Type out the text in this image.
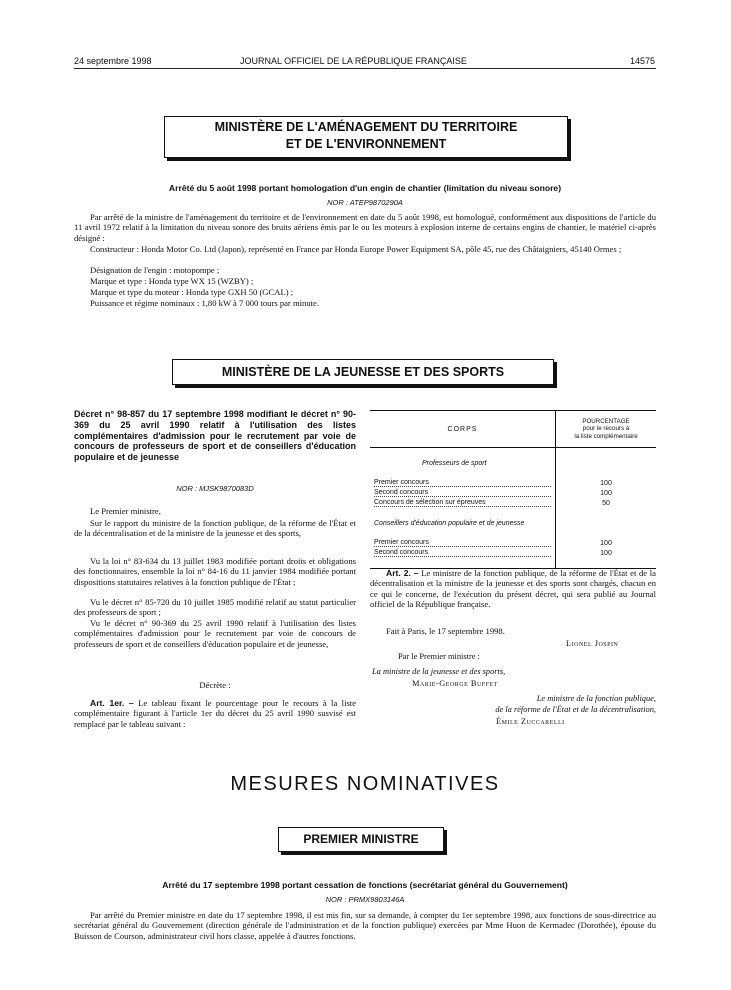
24 septembre 1998	JOURNAL OFFICIEL DE LA RÉPUBLIQUE FRANÇAISE	14575
MINISTÈRE DE L'AMÉNAGEMENT DU TERRITOIRE
ET DE L'ENVIRONNEMENT
Arrêté du 5 août 1998 portant homologation d'un engin de chantier (limitation du niveau sonore)
NOR : ATEP9870290A
Par arrêté de la ministre de l'aménagement du territoire et de l'environnement en date du 5 août 1998, est homologué, conformément aux dispositions de l'article du 11 avril 1972 relatif à la limitation du niveau sonore des bruits aériens émis par le ou les moteurs à explosion interne de certains engins de chantier, le matériel ci-après désigné :
Constructeur : Honda Motor Co. Ltd (Japon), représenté en France par Honda Europe Power Equipment SA, pôle 45, rue des Châtaigniers, 45140 Ormes ;
Désignation de l'engin : motopompe ;
Marque et type : Honda type WX 15 (WZBY) ;
Marque et type du moteur : Honda type GXH 50 (GCAL) ;
Puissance et régime nominaux : 1,80 kW à 7 000 tours par minute.
MINISTÈRE DE LA JEUNESSE ET DES SPORTS
Décret n° 98-857 du 17 septembre 1998 modifiant le décret n° 90-369 du 25 avril 1990 relatif à l'utilisation des listes complémentaires d'admission pour le recrutement par voie de concours de professeurs de sport et de conseillers d'éducation populaire et de jeunesse
NOR : MJSK9870083D
Le Premier ministre,
Sur le rapport du ministre de la fonction publique, de la réforme de l'État et de la décentralisation et de la ministre de la jeunesse et des sports,
Vu la loi n° 83-634 du 13 juillet 1983 modifiée portant droits et obligations des fonctionnaires, ensemble la loi n° 84-16 du 11 janvier 1984 modifiée portant dispositions statutaires relatives à la fonction publique de l'État ;
Vu le décret n° 85-720 du 10 juillet 1985 modifié relatif au statut particulier des professeurs de sport ;
Vu le décret n° 90-369 du 25 avril 1990 relatif à l'utilisation des listes complémentaires d'admission pour le recrutement par voie de concours de professeurs de sport et de conseillers d'éducation populaire et de jeunesse,
Décrète :
Art. 1er. – Le tableau fixant le pourcentage pour le recours à la liste complémentaire figurant à l'article 1er du décret du 25 avril 1990 susvisé est remplacé par le tableau suivant :
CORPS	POURCENTAGE
pour le recours à
la liste complémentaire

Professeurs de sport	

Premier concours	100

Second concours	100

Concours de sélection sur épreuves	50

Conseillers d'éducation populaire et de jeunesse	

Premier concours	100

Second concours	100

Art. 2. – Le ministre de la fonction publique, de la réforme de l'État et de la décentralisation et la ministre de la jeunesse et des sports sont chargés, chacun en ce qui le concerne, de l'exécution du présent décret, qui sera publié au Journal officiel de la République française.
Fait à Paris, le 17 septembre 1998.
Lionel Jospin
Par le Premier ministre :
La ministre de la jeunesse et des sports,
Marie-George Buffet
Le ministre de la fonction publique,
de la réforme de l'État et de la décentralisation,
Émile Zuccarelli
MESURES NOMINATIVES
PREMIER MINISTRE
Arrêté du 17 septembre 1998 portant cessation de fonctions (secrétariat général du Gouvernement)
NOR : PRMX9803146A
Par arrêté du Premier ministre en date du 17 septembre 1998, il est mis fin, sur sa demande, à compter du 1er septembre 1998, aux fonctions de sous-directrice au secrétariat général du Gouvernement (direction générale de l'administration et de la fonction publique) exercées par Mme Huon de Kermadec (Dorothée), épouse du Buisson de Courson, administrateur civil hors classe, appelée à d'autres fonctions.
